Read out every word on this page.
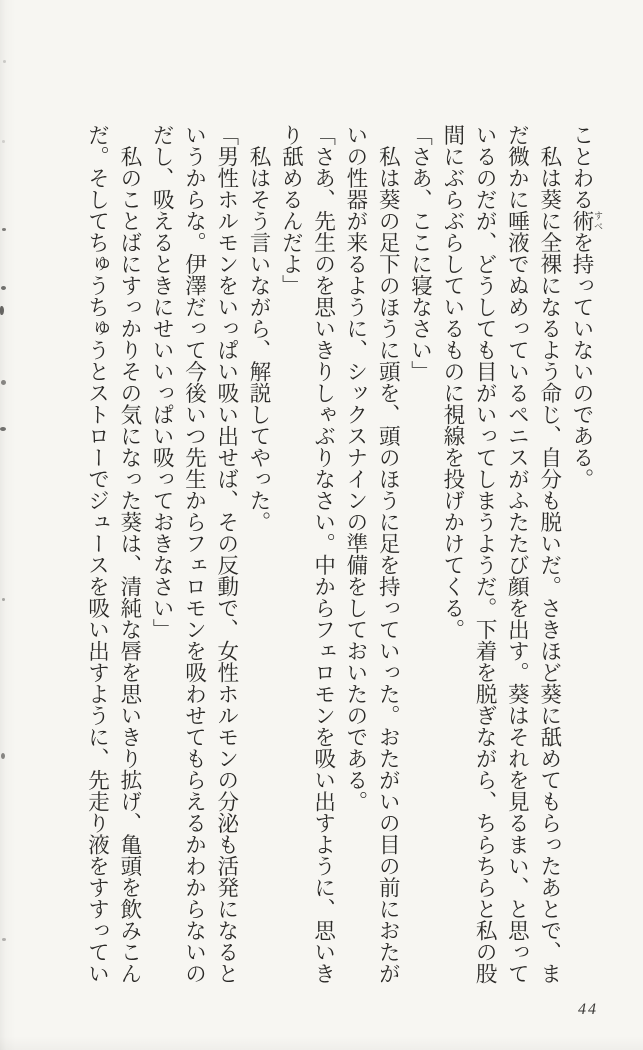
ことわる術 すべを持っていないのである。

　私は葵に全裸になるよう命じ、自分も脱いだ。さきほど葵に舐めてもらったあとで、まだ微かに唾液でぬめっているペニスがふたたび顔を出す。葵はそれを見るまい、と思っているのだが、どうしても目がいってしまうようだ。下着を脱ぎながら、ちらちらと私の股間にぶらぶらしているものに視線を投げかけてくる。

「さあ、ここに寝なさい」

　私は葵の足下のほうに頭を、頭のほうに足を持っていった。おたがいの目の前におたがいの性器が来るように、シックスナインの準備をしておいたのである。

「さあ、先生のを思いきりしゃぶりなさい。中からフェロモンを吸い出すように、思いきり舐めるんだよ」

　私はそう言いながら、解説してやった。

「男性ホルモンをいっぱい吸い出せば、その反動で、女性ホルモンの分泌も活発になるというからな。伊澤だって今後いつ先生からフェロモンを吸わせてもらえるかわからないのだし、吸えるときにせいいっぱい吸っておきなさい」

　私のことばにすっかりその気になった葵は、清純な唇を思いきり拡げ、亀頭を飲みこんだ。そしてちゅうちゅうとストローでジュースを吸い出すように、先走り液をすすってい

44
